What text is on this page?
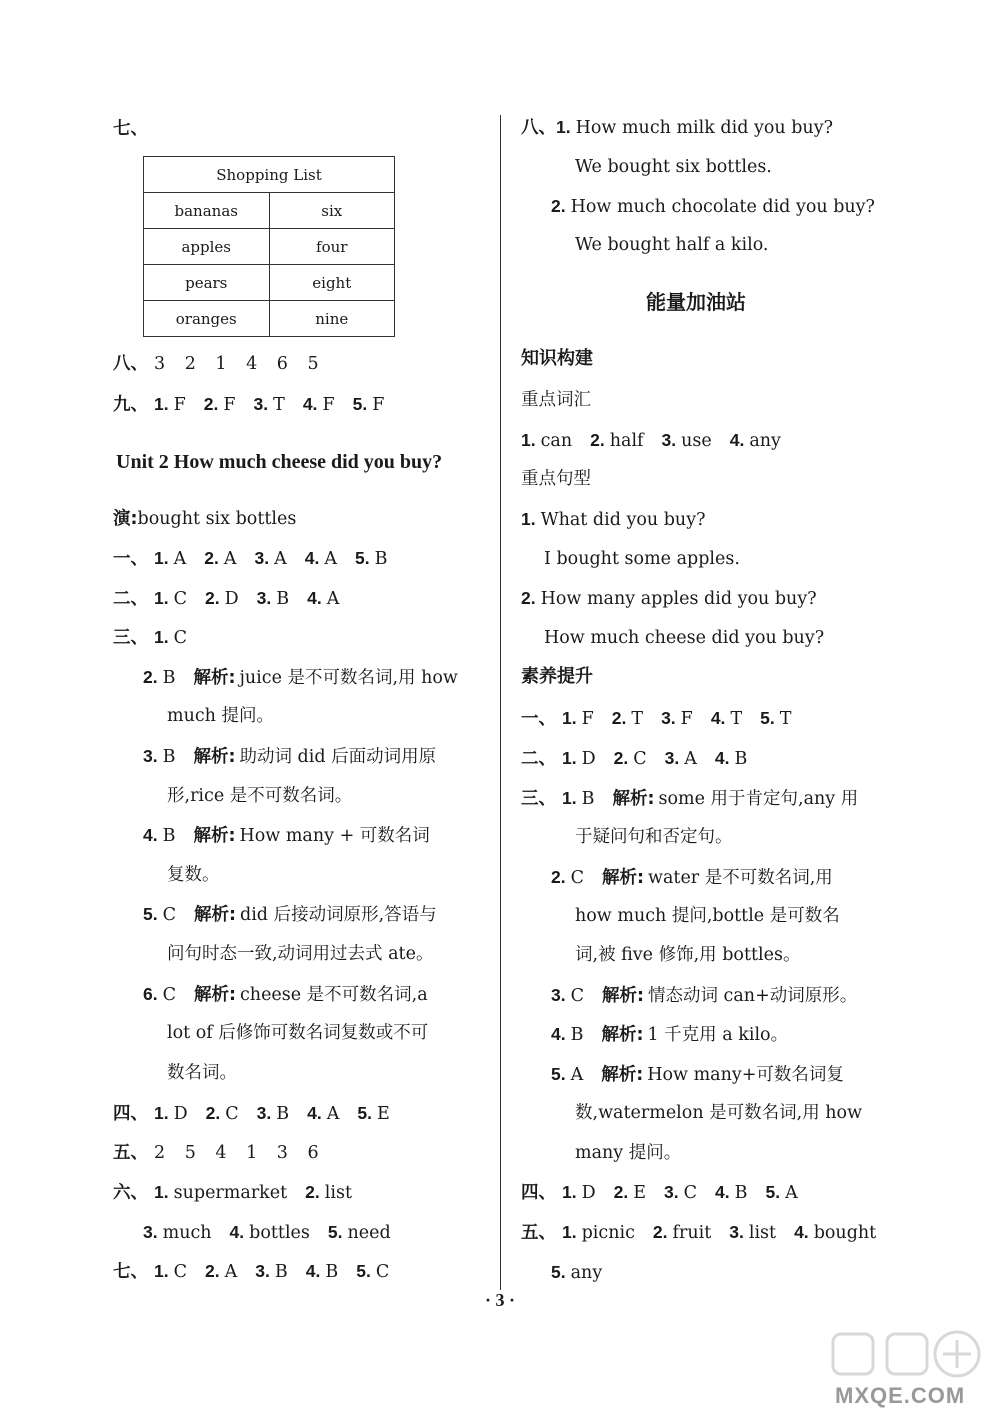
七、
Shopping List	
bananas	six
apples	four
pears	eight
oranges	nine
八、 3 2 1 4 6 5
九、 1. F 2. F 3. T 4. F 5. F
Unit 2 How much cheese did you buy?
演:bought six bottles
一、 1. A 2. A 3. A 4. A 5. B
二、 1. C 2. D 3. B 4. A
三、 1. C
2. B 解析: juice 是不可数名词,用 how
much 提问。
3. B 解析: 助动词 did 后面动词用原
形,rice 是不可数名词。
4. B 解析: How many + 可数名词
复数。
5. C 解析: did 后接动词原形,答语与
问句时态一致,动词用过去式 ate。
6. C 解析: cheese 是不可数名词,a
lot of 后修饰可数名词复数或不可
数名词。
四、 1. D 2. C 3. B 4. A 5. E
五、 2 5 4 1 3 6
六、 1. supermarket 2. list
3. much 4. bottles 5. need
七、 1. C 2. A 3. B 4. B 5. C
八、1. How much milk did you buy?
We bought six bottles.
2. How much chocolate did you buy?
We bought half a kilo.
能量加油站
知识构建
重点词汇
1. can 2. half 3. use 4. any
重点句型
1. What did you buy?
I bought some apples.
2. How many apples did you buy?
How much cheese did you buy?
素养提升
一、 1. F 2. T 3. F 4. T 5. T
二、 1. D 2. C 3. A 4. B
三、 1. B 解析: some 用于肯定句,any 用
于疑问句和否定句。
2. C 解析: water 是不可数名词,用
how much 提问,bottle 是可数名
词,被 five 修饰,用 bottles。
3. C 解析: 情态动词 can+动词原形。
4. B 解析: 1 千克用 a kilo。
5. A 解析: How many+可数名词复
数,watermelon 是可数名词,用 how
many 提问。
四、 1. D 2. E 3. C 4. B 5. A
五、 1. picnic 2. fruit 3. list 4. bought
5. any
· 3 ·
MXQE.COM
